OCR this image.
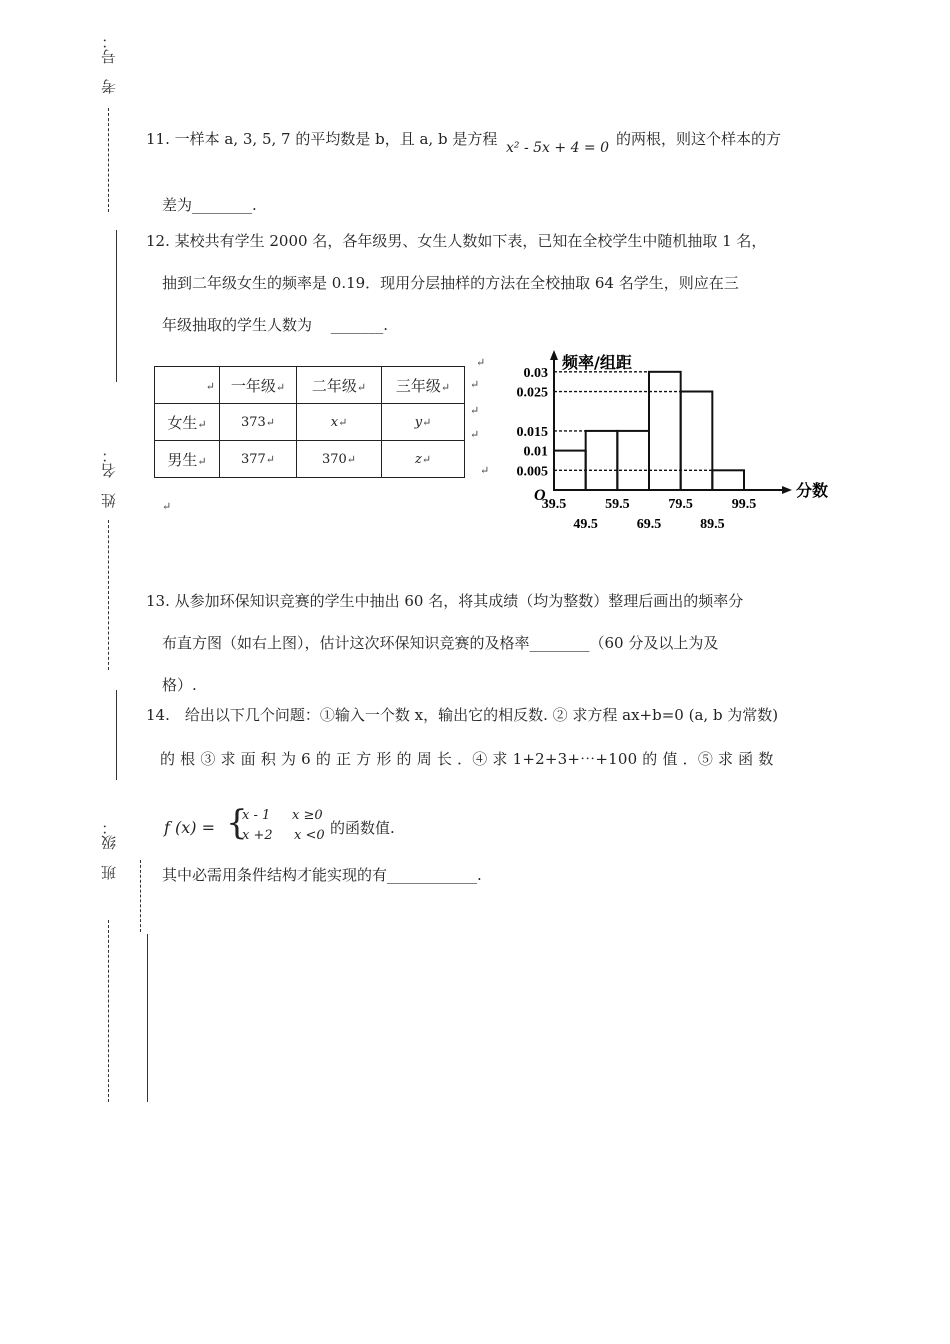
考　号：
姓　名：
班　级：
11. 一样本 a, 3, 5, 7 的平均数是 b，且 a, b 是方程 x² - 5x + 4 = 0 的两根，则这个样本的方
差为________.
12. 某校共有学生 2000 名，各年级男、女生人数如下表，已知在全校学生中随机抽取 1 名，
抽到二年级女生的频率是 0.19．现用分层抽样的方法在全校抽取 64 名学生，则应在三
年级抽取的学生人数为 _______.
↵	一年级↵	二年级↵	三年级↵
女生↵	373↵	x↵	y↵
男生↵	377↵	370↵	z↵
↵
↵
↵
↵
↵
↵
0.005
0.01
0.015
0.025
0.03
39.5
49.5
59.5
69.5
79.5
89.5
99.5
O
频率/组距
分数
13. 从参加环保知识竞赛的学生中抽出 60 名，将其成绩（均为整数）整理后画出的频率分
布直方图（如右上图），估计这次环保知识竞赛的及格率________（60 分及以上为及
格）.
14.　给出以下几个问题：①输入一个数 x，输出它的相反数. ② 求方程 ax+b=0 (a, b 为常数)
的 根 ③ 求 面 积 为 6 的 正 方 形 的 周 长 ．④ 求 1+2+3+⋯+100 的 值 ．⑤ 求 函 数
f (x) = {
x - 1 x ≥0
x +2 x <0 的函数值.
其中必需用条件结构才能实现的有____________.
